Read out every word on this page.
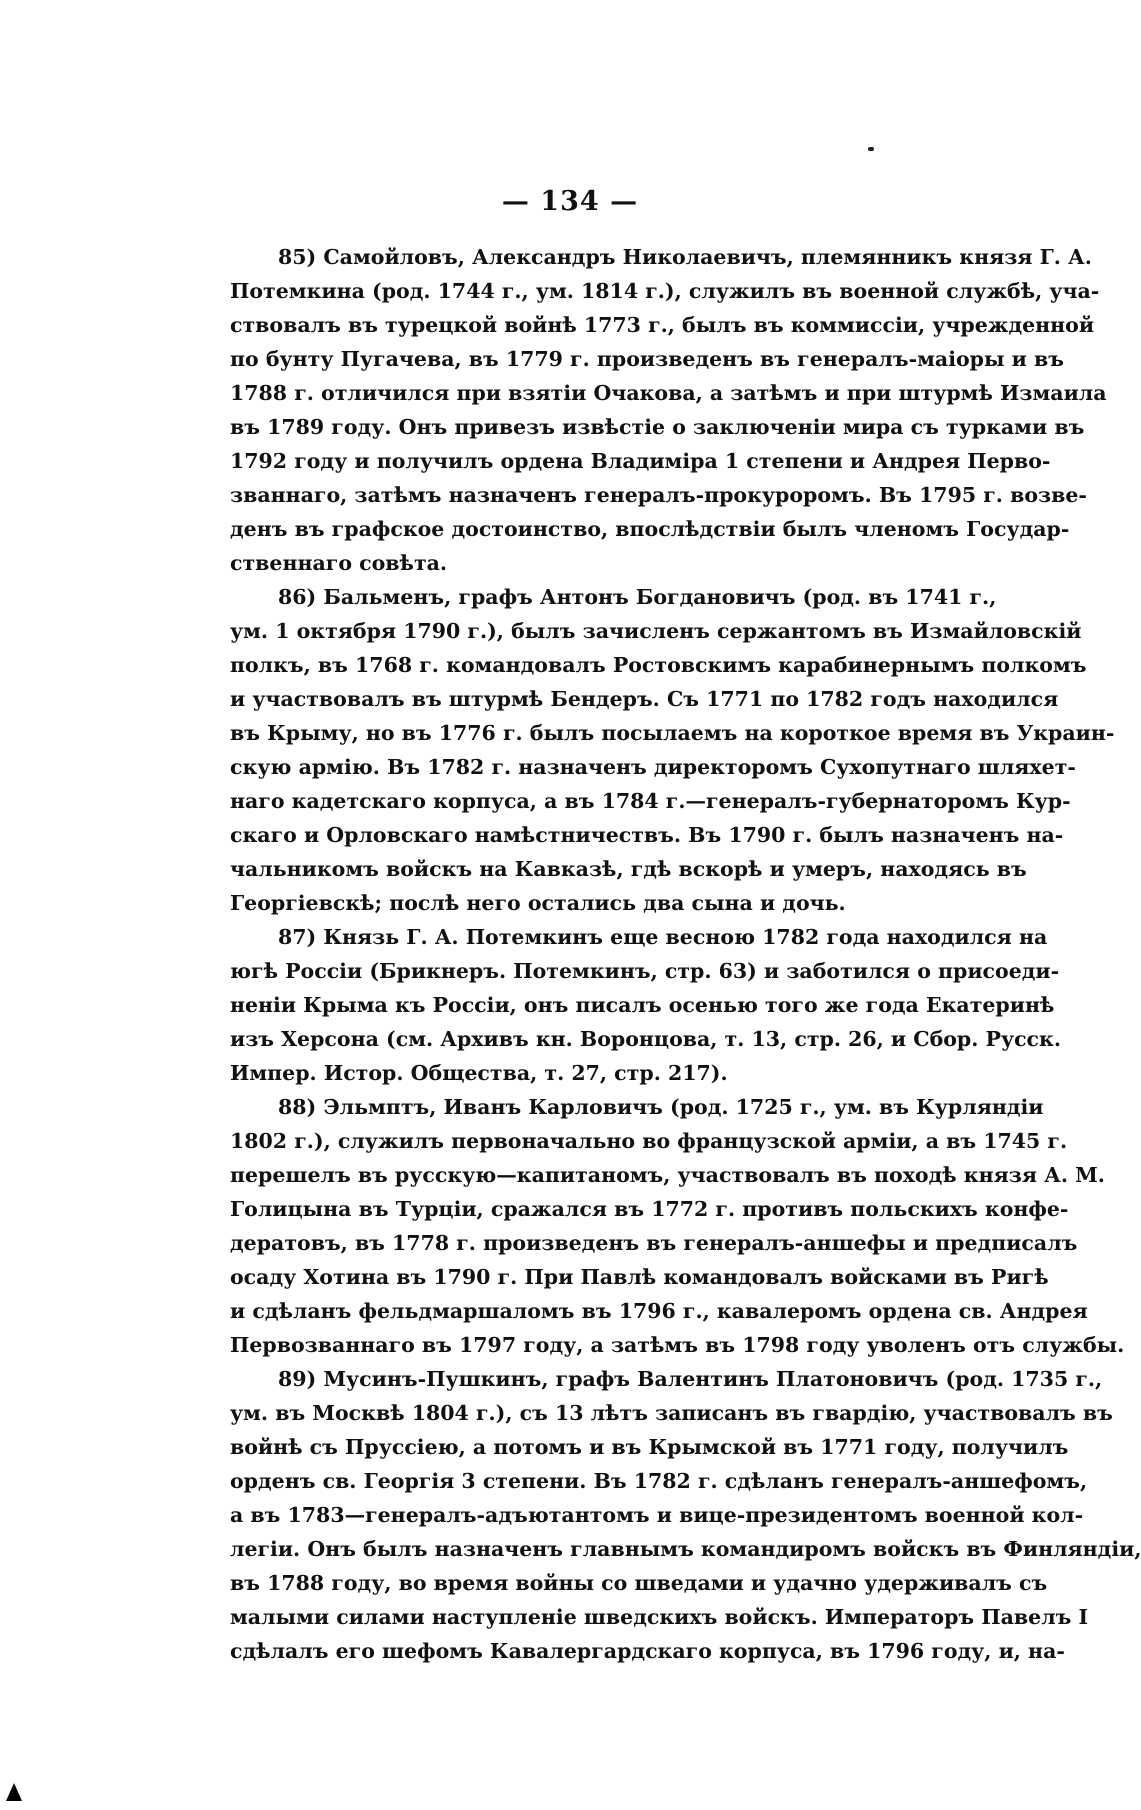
— 134 —
85) Самойловъ, Александръ Николаевичъ, племянникъ князя Г. А.
Потемкина (род. 1744 г., ум. 1814 г.), служилъ въ военной службѣ, уча-
ствовалъ въ турецкой войнѣ 1773 г., былъ въ коммиссіи, учрежденной
по бунту Пугачева, въ 1779 г. произведенъ въ генералъ-маіоры и въ
1788 г. отличился при взятіи Очакова, а затѣмъ и при штурмѣ Измаила
въ 1789 году. Онъ привезъ извѣстіе о заключеніи мира съ турками въ
1792 году и получилъ ордена Владиміра 1 степени и Андрея Перво-
званнаго, затѣмъ назначенъ генералъ-прокуроромъ. Въ 1795 г. возве-
денъ въ графское достоинство, впослѣдствіи былъ членомъ Государ-
ственнаго совѣта.
86) Бальменъ, графъ Антонъ Богдановичъ (род. въ 1741 г.,
ум. 1 октября 1790 г.), былъ зачисленъ сержантомъ въ Измайловскій
полкъ, въ 1768 г. командовалъ Ростовскимъ карабинернымъ полкомъ
и участвовалъ въ штурмѣ Бендеръ. Съ 1771 по 1782 годъ находился
въ Крыму, но въ 1776 г. былъ посылаемъ на короткое время въ Украин-
скую армію. Въ 1782 г. назначенъ директоромъ Сухопутнаго шляхет-
наго кадетскаго корпуса, а въ 1784 г.—генералъ-губернаторомъ Кур-
скаго и Орловскаго намѣстничествъ. Въ 1790 г. былъ назначенъ на-
чальникомъ войскъ на Кавказѣ, гдѣ вскорѣ и умеръ, находясь въ
Георгіевскѣ; послѣ него остались два сына и дочь.
87) Князь Г. А. Потемкинъ еще весною 1782 года находился на
югѣ Россіи (Брикнеръ. Потемкинъ, стр. 63) и заботился о присоеди-
неніи Крыма къ Россіи, онъ писалъ осенью того же года Екатеринѣ
изъ Херсона (см. Архивъ кн. Воронцова, т. 13, стр. 26, и Сбор. Русск.
Импер. Истор. Общества, т. 27, стр. 217).
88) Эльмптъ, Иванъ Карловичъ (род. 1725 г., ум. въ Курляндіи
1802 г.), служилъ первоначально во французской арміи, а въ 1745 г.
перешелъ въ русскую—капитаномъ, участвовалъ въ походѣ князя А. М.
Голицына въ Турціи, сражался въ 1772 г. противъ польскихъ конфе-
дератовъ, въ 1778 г. произведенъ въ генералъ-аншефы и предписалъ
осаду Хотина въ 1790 г. При Павлѣ командовалъ войсками въ Ригѣ
и сдѣланъ фельдмаршаломъ въ 1796 г., кавалеромъ ордена св. Андрея
Первозваннаго въ 1797 году, а затѣмъ въ 1798 году уволенъ отъ службы.
89) Мусинъ-Пушкинъ, графъ Валентинъ Платоновичъ (род. 1735 г.,
ум. въ Москвѣ 1804 г.), съ 13 лѣтъ записанъ въ гвардію, участвовалъ въ
войнѣ съ Пруссіею, а потомъ и въ Крымской въ 1771 году, получилъ
орденъ св. Георгія 3 степени. Въ 1782 г. сдѣланъ генералъ-аншефомъ,
а въ 1783—генералъ-адъютантомъ и вице-президентомъ военной кол-
легіи. Онъ былъ назначенъ главнымъ командиромъ войскъ въ Финляндіи,
въ 1788 году, во время войны со шведами и удачно удерживалъ съ
малыми силами наступленіе шведскихъ войскъ. Императоръ Павелъ I
сдѣлалъ его шефомъ Кавалергардскаго корпуса, въ 1796 году, и, на-
